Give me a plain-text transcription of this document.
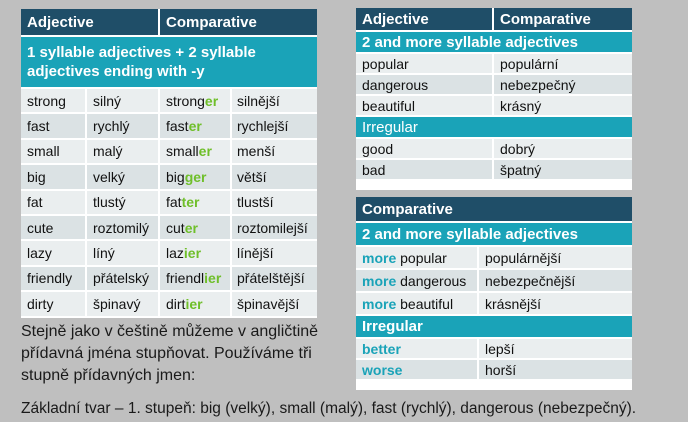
Adjective	Comparative
1 syllable adjectives + 2 syllable adjectives ending with -y
strong	silný	strong er	silnější
fast	rychlý	fast er	rychlejší
small	malý	small er	menší
big	velký	big ger	větší
fat	tlustý	fat ter	tlustší
cute	roztomilý	cut er	roztomilejší
lazy	líný	laz ier	línější
friendly	přátelský	friendl ier	přátelštější
dirty	špinavý	dirt ier	špinavější
Adjective	Comparative
2 and more syllable adjectives
popular	populární
dangerous	nebezpečný
beautiful	krásný
Irregular
good	dobrý
bad	špatný
Comparative
2 and more syllable adjectives
more popular	populárnější
more dangerous	nebezpečnější
more beautiful	krásnější
Irregular
better	lepší
worse	horší
Stejně jako v češtině můžeme v angličtině
přídavná jména stupňovat. Používáme tři
stupně přídavných jmen:
Základní tvar – 1. stupeň: big (velký), small (malý), fast (rychlý), dangerous (nebezpečný).
